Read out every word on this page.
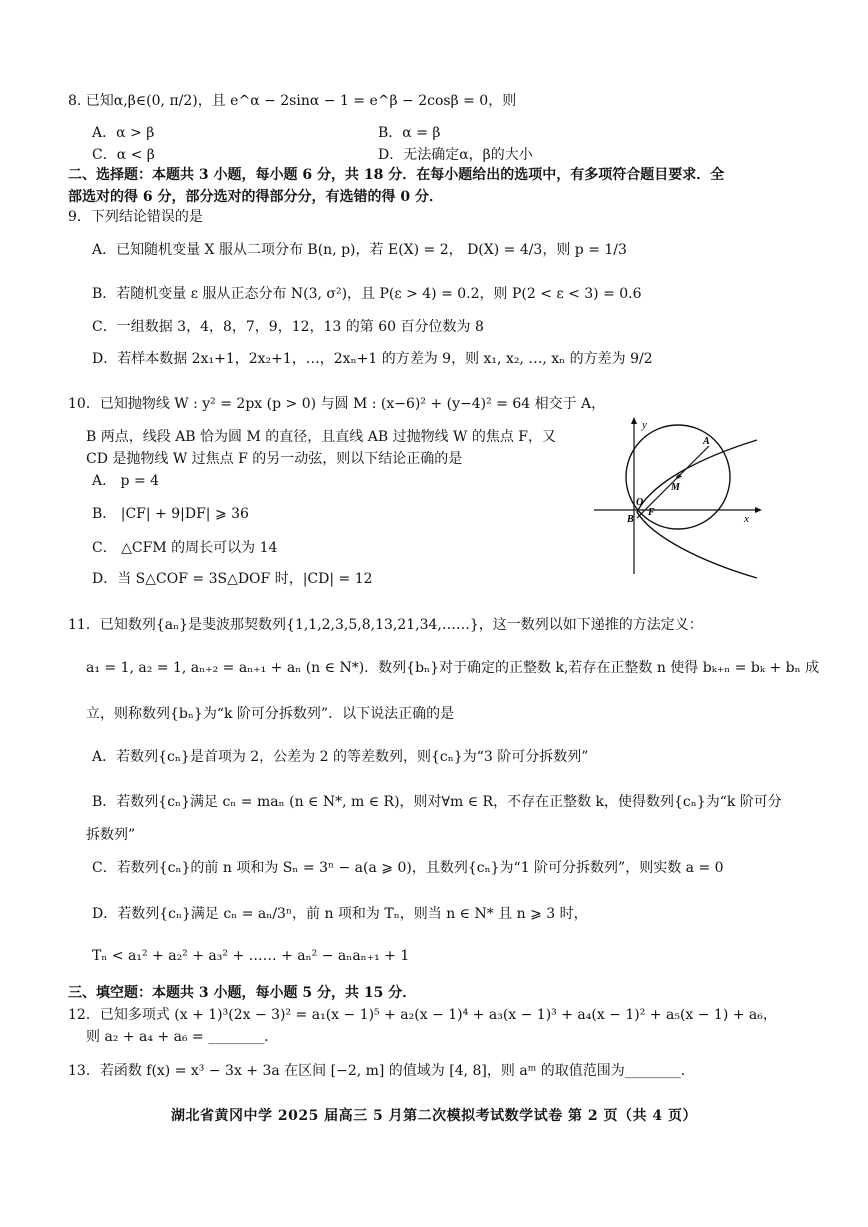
8. 已知α,β∈(0, π/2)，且 e^α − 2sinα − 1 = e^β − 2cosβ = 0，则
A．α > β	B．α = β
C．α < β	D．无法确定α，β的大小
二、选择题：本题共 3 小题，每小题 6 分，共 18 分．在每小题给出的选项中，有多项符合题目要求．全
部选对的得 6 分，部分选对的得部分分，有选错的得 0 分．
9．下列结论错误的是
A．已知随机变量 X 服从二项分布 B(n, p)，若 E(X) = 2， D(X) = 4/3，则 p = 1/3
B．若随机变量 ε 服从正态分布 N(3, σ²)，且 P(ε > 4) = 0.2，则 P(2 < ε < 3) = 0.6
C．一组数据 3，4，8，7，9，12，13 的第 60 百分位数为 8
D．若样本数据 2x₁+1，2x₂+1，…，2xₙ+1 的方差为 9，则 x₁, x₂, …, xₙ 的方差为 9/2
10．已知抛物线 W : y² = 2px (p > 0) 与圆 M : (x−6)² + (y−4)² = 64 相交于 A，
B 两点，线段 AB 恰为圆 M 的直径，且直线 AB 过抛物线 W 的焦点 F，又
CD 是抛物线 W 过焦点 F 的另一动弦，则以下结论正确的是
A． p = 4
B． |CF| + 9|DF| ⩾ 36
C． △CFM 的周长可以为 14
D．当 S△COF = 3S△DOF 时，|CD| = 12
11．已知数列{aₙ}是斐波那契数列{1,1,2,3,5,8,13,21,34,……}，这一数列以如下递推的方法定义：
a₁ = 1, a₂ = 1, aₙ₊₂ = aₙ₊₁ + aₙ (n ∈ N*)．数列{bₙ}对于确定的正整数 k,若存在正整数 n 使得 bₖ₊ₙ = bₖ + bₙ 成
立，则称数列{bₙ}为“k 阶可分拆数列”．以下说法正确的是
A．若数列{cₙ}是首项为 2，公差为 2 的等差数列，则{cₙ}为“3 阶可分拆数列”
B．若数列{cₙ}满足 cₙ = maₙ (n ∈ N*, m ∈ R)，则对∀m ∈ R，不存在正整数 k，使得数列{cₙ}为“k 阶可分
拆数列”
C．若数列{cₙ}的前 n 项和为 Sₙ = 3ⁿ − a(a ⩾ 0)，且数列{cₙ}为“1 阶可分拆数列”，则实数 a = 0
D．若数列{cₙ}满足 cₙ = aₙ/3ⁿ，前 n 项和为 Tₙ，则当 n ∈ N* 且 n ⩾ 3 时，
Tₙ < a₁² + a₂² + a₃² + …… + aₙ² − aₙaₙ₊₁ + 1
三、填空题：本题共 3 小题，每小题 5 分，共 15 分．
12．已知多项式 (x + 1)³(2x − 3)² = a₁(x − 1)⁵ + a₂(x − 1)⁴ + a₃(x − 1)³ + a₄(x − 1)² + a₅(x − 1) + a₆，
则 a₂ + a₄ + a₆ = ________．
13．若函数 f(x) = x³ − 3x + 3a 在区间 [−2, m] 的值域为 [4, 8]，则 aᵐ 的取值范围为________．
y
x
A
O
B
F
M
湖北省黄冈中学 2025 届高三 5 月第二次模拟考试数学试卷 第 2 页（共 4 页）
